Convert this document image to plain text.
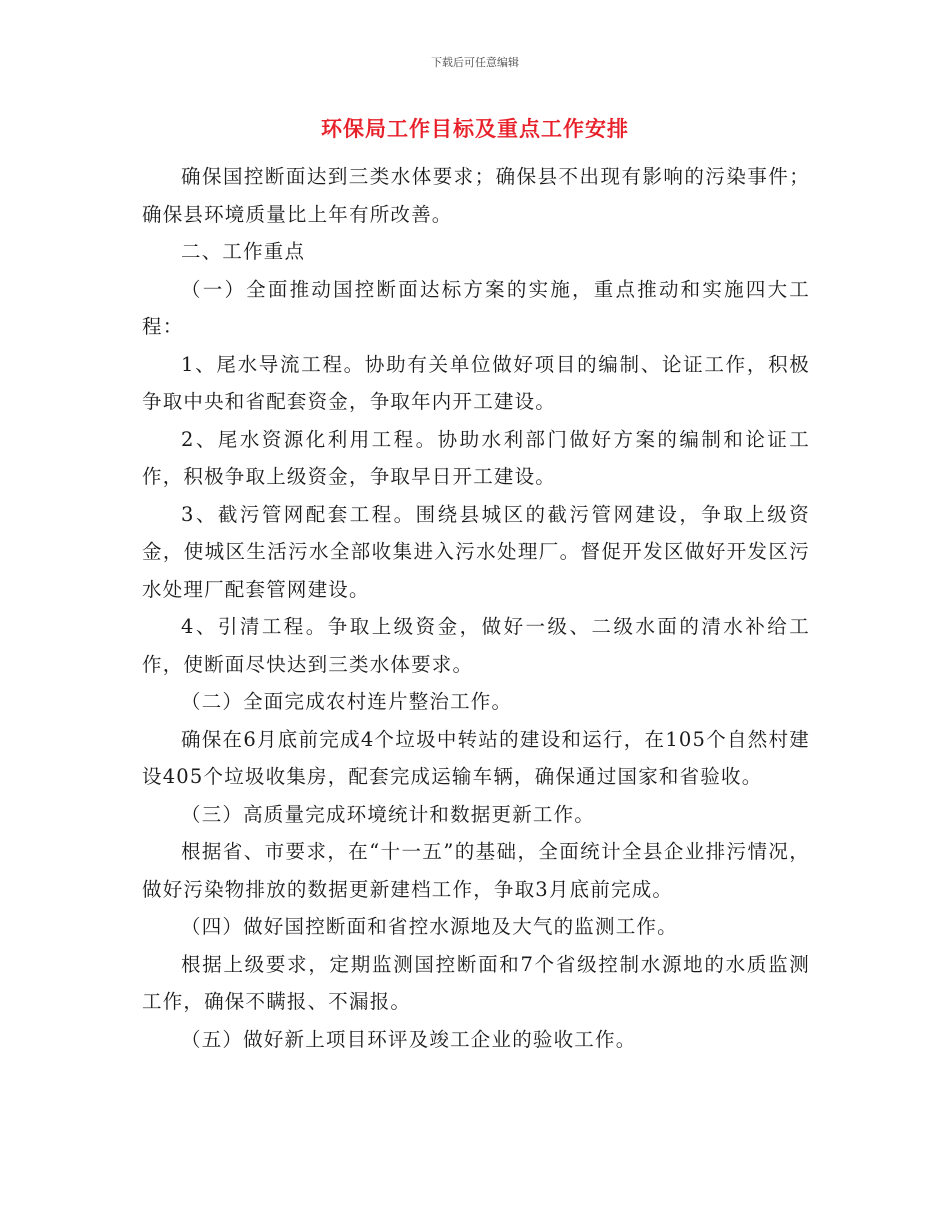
下载后可任意编辑
环保局工作目标及重点工作安排

确保国控断面达到三类水体要求；确保县不出现有影响的污染事件；确保县环境质量比上年有所改善。

二、工作重点

（一）全面推动国控断面达标方案的实施，重点推动和实施四大工程：

1、尾水导流工程。协助有关单位做好项目的编制、论证工作，积极争取中央和省配套资金，争取年内开工建设。

2、尾水资源化利用工程。协助水利部门做好方案的编制和论证工作，积极争取上级资金，争取早日开工建设。

3、截污管网配套工程。围绕县城区的截污管网建设，争取上级资金，使城区生活污水全部收集进入污水处理厂。督促开发区做好开发区污水处理厂配套管网建设。

4、引清工程。争取上级资金，做好一级、二级水面的清水补给工作，使断面尽快达到三类水体要求。

（二）全面完成农村连片整治工作。

确保在6月底前完成4个垃圾中转站的建设和运行，在105个自然村建设405个垃圾收集房，配套完成运输车辆，确保通过国家和省验收。

（三）高质量完成环境统计和数据更新工作。

根据省、市要求，在“十一五”的基础，全面统计全县企业排污情况，做好污染物排放的数据更新建档工作，争取3月底前完成。

（四）做好国控断面和省控水源地及大气的监测工作。

根据上级要求，定期监测国控断面和7个省级控制水源地的水质监测工作，确保不瞒报、不漏报。

（五）做好新上项目环评及竣工企业的验收工作。
